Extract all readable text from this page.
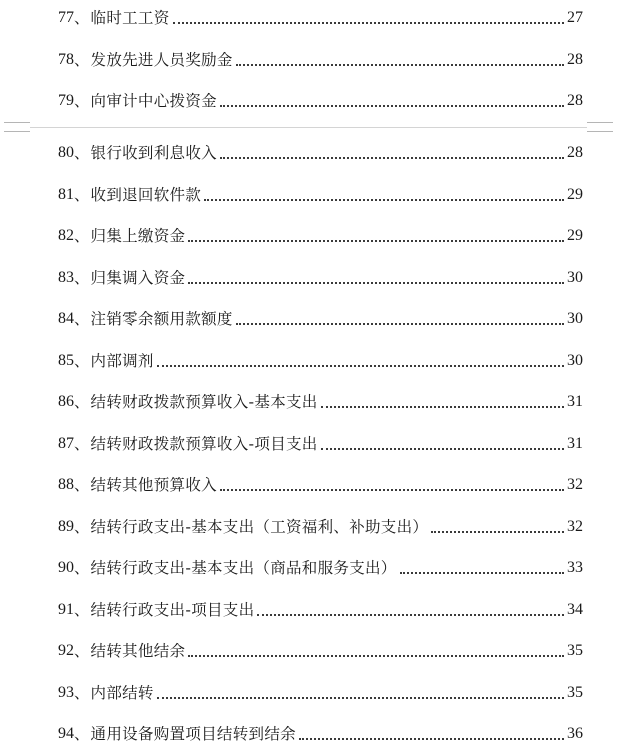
77 、 临时工工资	27
78 、 发放先进人员奖励金	28
79 、 向审计中心拨资金	28
80 、 银行收到利息收入	28
81 、 收到退回软件款	29
82 、 归集上缴资金	29
83 、 归集调入资金	30
84 、 注销零余额用款额度	30
85 、 内部调剂	30
86 、 结转财政拨款预算收入-基本支出	31
87 、 结转财政拨款预算收入-项目支出	31
88 、 结转其他预算收入	32
89 、 结转行政支出-基本支出（工资福利、补助支出）	32
90 、 结转行政支出-基本支出（商品和服务支出）	33
91 、 结转行政支出-项目支出	34
92 、 结转其他结余	35
93 、 内部结转	35
94 、 通用设备购置项目结转到结余	36
